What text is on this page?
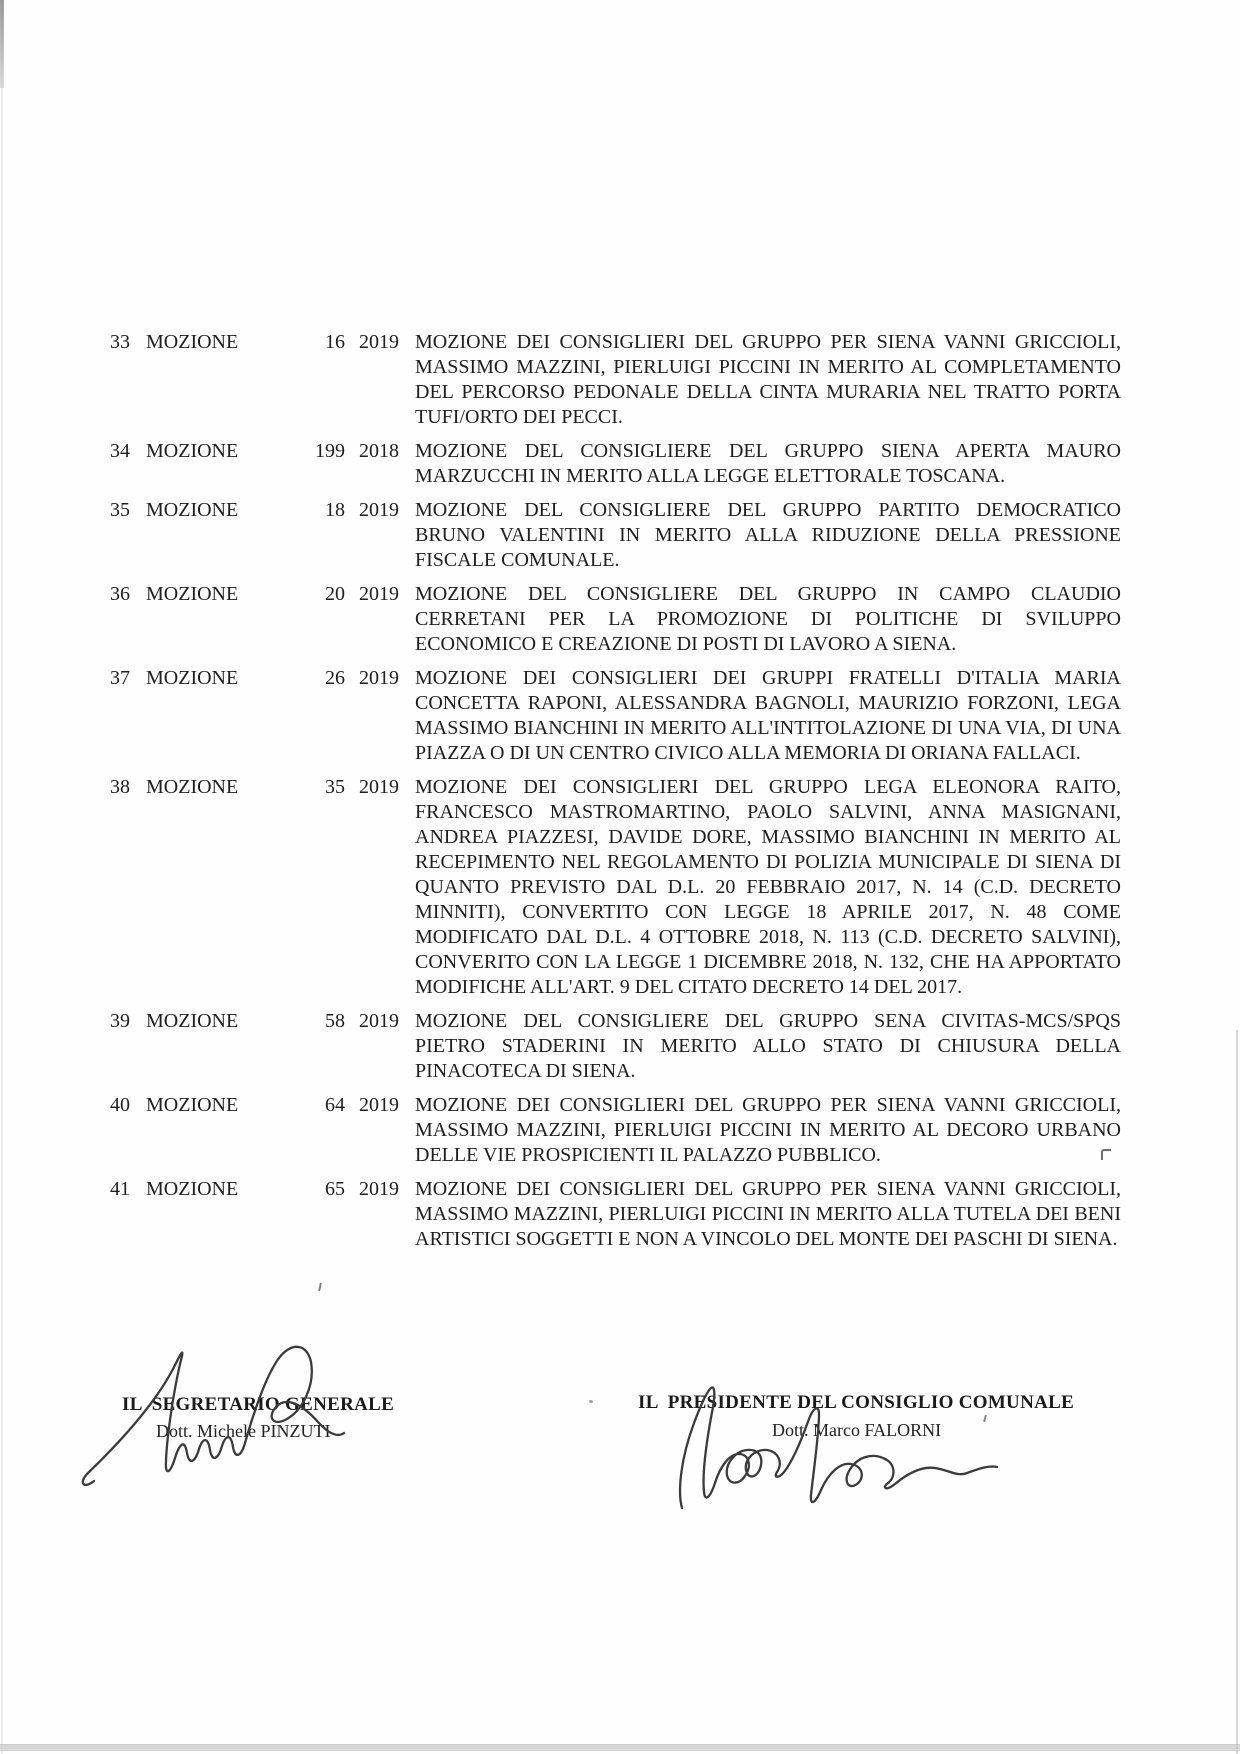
33 MOZIONE	16 2019 MOZIONE DEI CONSIGLIERI DEL GRUPPO PER SIENA VANNI GRICCIOLI, MASSIMO MAZZINI, PIERLUIGI PICCINI IN MERITO AL COMPLETAMENTO DEL PERCORSO PEDONALE DELLA CINTA MURARIA NEL TRATTO PORTA TUFI/ORTO DEI PECCI.
34 MOZIONE	199 2018 MOZIONE DEL CONSIGLIERE DEL GRUPPO SIENA APERTA MAURO MARZUCCHI IN MERITO ALLA LEGGE ELETTORALE TOSCANA.
35 MOZIONE	18 2019 MOZIONE DEL CONSIGLIERE DEL GRUPPO PARTITO DEMOCRATICO BRUNO VALENTINI IN MERITO ALLA RIDUZIONE DELLA PRESSIONE FISCALE COMUNALE.
36 MOZIONE	20 2019 MOZIONE DEL CONSIGLIERE DEL GRUPPO IN CAMPO CLAUDIO CERRETANI PER LA PROMOZIONE DI POLITICHE DI SVILUPPO ECONOMICO E CREAZIONE DI POSTI DI LAVORO A SIENA.
37 MOZIONE	26 2019 MOZIONE DEI CONSIGLIERI DEI GRUPPI FRATELLI D'ITALIA MARIA CONCETTA RAPONI, ALESSANDRA BAGNOLI, MAURIZIO FORZONI, LEGA MASSIMO BIANCHINI IN MERITO ALL'INTITOLAZIONE DI UNA VIA, DI UNA PIAZZA O DI UN CENTRO CIVICO ALLA MEMORIA DI ORIANA FALLACI.
38 MOZIONE	35 2019 MOZIONE DEI CONSIGLIERI DEL GRUPPO LEGA ELEONORA RAITO, FRANCESCO MASTROMARTINO, PAOLO SALVINI, ANNA MASIGNANI, ANDREA PIAZZESI, DAVIDE DORE, MASSIMO BIANCHINI IN MERITO AL RECEPIMENTO NEL REGOLAMENTO DI POLIZIA MUNICIPALE DI SIENA DI QUANTO PREVISTO DAL D.L. 20 FEBBRAIO 2017, N. 14 (C.D. DECRETO MINNITI), CONVERTITO CON LEGGE 18 APRILE 2017, N. 48 COME MODIFICATO DAL D.L. 4 OTTOBRE 2018, N. 113 (C.D. DECRETO SALVINI), CONVERITO CON LA LEGGE 1 DICEMBRE 2018, N. 132, CHE HA APPORTATO MODIFICHE ALL'ART. 9 DEL CITATO DECRETO 14 DEL 2017.
39 MOZIONE	58 2019 MOZIONE DEL CONSIGLIERE DEL GRUPPO SENA CIVITAS-MCS/SPQS PIETRO STADERINI IN MERITO ALLO STATO DI CHIUSURA DELLA PINACOTECA DI SIENA.
40 MOZIONE	64 2019 MOZIONE DEI CONSIGLIERI DEL GRUPPO PER SIENA VANNI GRICCIOLI, MASSIMO MAZZINI, PIERLUIGI PICCINI IN MERITO AL DECORO URBANO DELLE VIE PROSPICIENTI IL PALAZZO PUBBLICO.
41 MOZIONE	65 2019 MOZIONE DEI CONSIGLIERI DEL GRUPPO PER SIENA VANNI GRICCIOLI, MASSIMO MAZZINI, PIERLUIGI PICCINI IN MERITO ALLA TUTELA DEI BENI ARTISTICI SOGGETTI E NON A VINCOLO DEL MONTE DEI PASCHI DI SIENA.
IL  SEGRETARIO GENERALE
Dott. Michele PINZUTI
IL  PRESIDENTE DEL CONSIGLIO COMUNALE
Dott. Marco FALORNI
